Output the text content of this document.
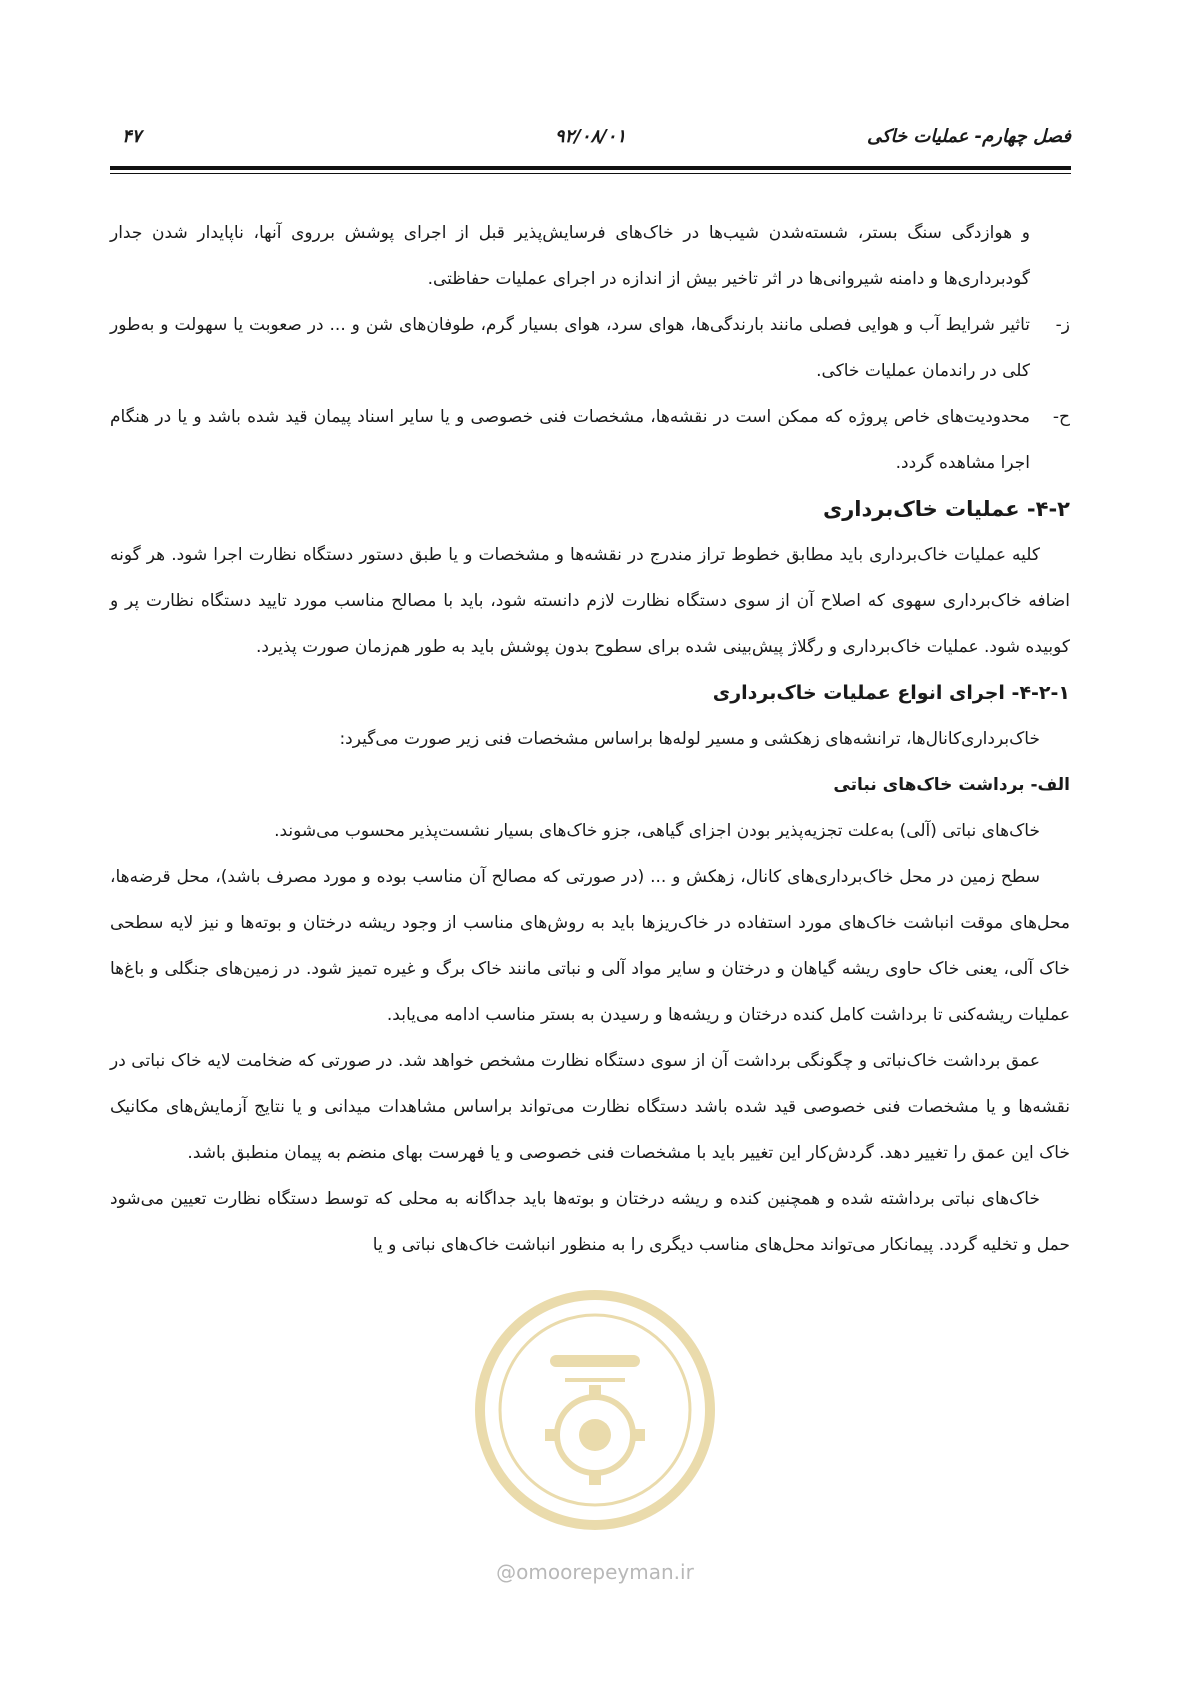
فصل چهارم- عملیات خاکی
۹۲/۰۸/۰۱
۴۷

و هوازدگی سنگ بستر، شسته‌شدن شیب‌ها در خاک‌های فرسایش‌پذیر قبل از اجرای پوشش برروی آنها، ناپایدار شدن جدار گودبرداری‌ها و دامنه شیروانی‌ها در اثر تاخیر بیش از اندازه در اجرای عملیات حفاظتی.

ز-

تاثیر شرایط آب و هوایی فصلی مانند بارندگی‌ها، هوای سرد، هوای بسیار گرم، طوفان‌های شن و ... در صعوبت یا سهولت و به‌طور کلی در راندمان عملیات خاکی.

ح-

محدودیت‌های خاص پروژه که ممکن است در نقشه‌ها، مشخصات فنی خصوصی و یا سایر اسناد پیمان قید شده باشد و یا در هنگام اجرا مشاهده گردد.

۴-۲- عملیات خاک‌برداری

کلیه عملیات خاک‌برداری باید مطابق خطوط تراز مندرج در نقشه‌ها و مشخصات و یا طبق دستور دستگاه نظارت اجرا شود. هر گونه اضافه خاک‌برداری سهوی که اصلاح آن از سوی دستگاه نظارت لازم دانسته شود، باید با مصالح مناسب مورد تایید دستگاه نظارت پر و کوبیده شود. عملیات خاک‌برداری و رگلاژ پیش‌بینی شده برای سطوح بدون پوشش باید به طور هم‌زمان صورت پذیرد.

۴-۲-۱- اجرای انواع عملیات خاک‌برداری

خاک‌برداری‌کانال‌ها، ترانشه‌های زهکشی و مسیر لوله‌ها براساس مشخصات فنی زیر صورت می‌گیرد:

الف- برداشت خاک‌های نباتی

خاک‌های نباتی (آلی) به‌علت تجزیه‌پذیر بودن اجزای گیاهی، جزو خاک‌های بسیار نشست‌پذیر محسوب می‌شوند.

سطح زمین در محل خاک‌برداری‌های کانال، زهکش و ... (در صورتی که مصالح آن مناسب بوده و مورد مصرف باشد)، محل قرضه‌ها، محل‌های موقت انباشت خاک‌های مورد استفاده در خاک‌ریزها باید به روش‌های مناسب از وجود ریشه درختان و بوته‌ها و نیز لایه سطحی خاک آلی، یعنی خاک حاوی ریشه گیاهان و درختان و سایر مواد آلی و نباتی مانند خاک برگ و غیره تمیز شود. در زمین‌های جنگلی و باغ‌ها عملیات ریشه‌کنی تا برداشت کامل کنده درختان و ریشه‌ها و رسیدن به بستر مناسب ادامه می‌یابد.

عمق برداشت خاک‌نباتی و چگونگی برداشت آن از سوی دستگاه نظارت مشخص خواهد شد. در صورتی که ضخامت لایه خاک نباتی در نقشه‌ها و یا مشخصات فنی خصوصی قید شده باشد دستگاه نظارت می‌تواند براساس مشاهدات میدانی و یا نتایج آزمایش‌های مکانیک خاک این عمق را تغییر دهد. گردش‌کار این تغییر باید با مشخصات فنی خصوصی و یا فهرست بهای منضم به پیمان منطبق باشد.

خاک‌های نباتی برداشته شده و همچنین کنده و ریشه درختان و بوته‌ها باید جداگانه به محلی که توسط دستگاه نظارت تعیین می‌شود حمل و تخلیه گردد. پیمانکار می‌تواند محل‌های مناسب دیگری را به منظور انباشت خاک‌های نباتی و یا

@omoorepeyman.ir
